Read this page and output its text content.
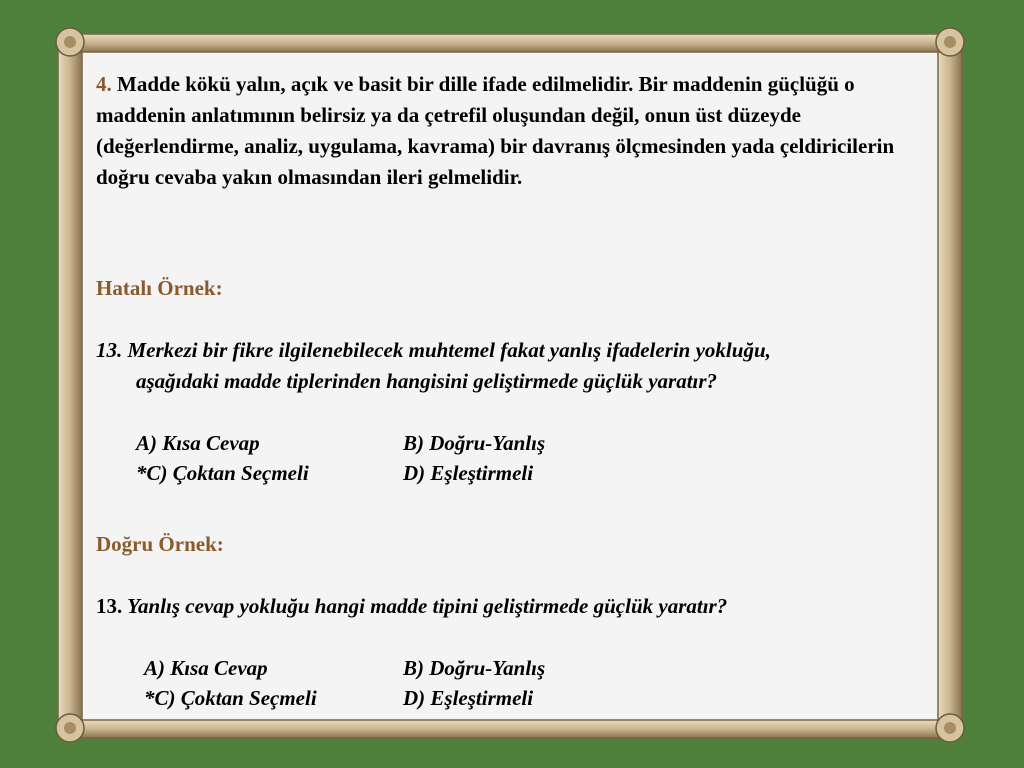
4. Madde kökü yalın, açık ve basit bir dille ifade edilmelidir. Bir maddenin güçlüğü o maddenin anlatımının belirsiz ya da çetrefil oluşundan değil, onun üst düzeyde (değerlendirme, analiz, uygulama, kavrama) bir davranış ölçmesinden yada çeldiricilerin doğru cevaba yakın olmasından ileri gelmelidir.

Hatalı Örnek:
13. Merkezi bir fikre ilgilenebilecek muhtemel fakat yanlış ifadelerin yokluğu,
aşağıdaki madde tiplerinden hangisini geliştirmede güçlük yaratır?
A) Kısa Cevap	B) Doğru-Yanlış
*C) Çoktan Seçmeli	D) Eşleştirmeli
Doğru Örnek:
13. Yanlış cevap yokluğu hangi madde tipini geliştirmede güçlük yaratır?
A) Kısa Cevap	B) Doğru-Yanlış
*C) Çoktan Seçmeli	D) Eşleştirmeli
